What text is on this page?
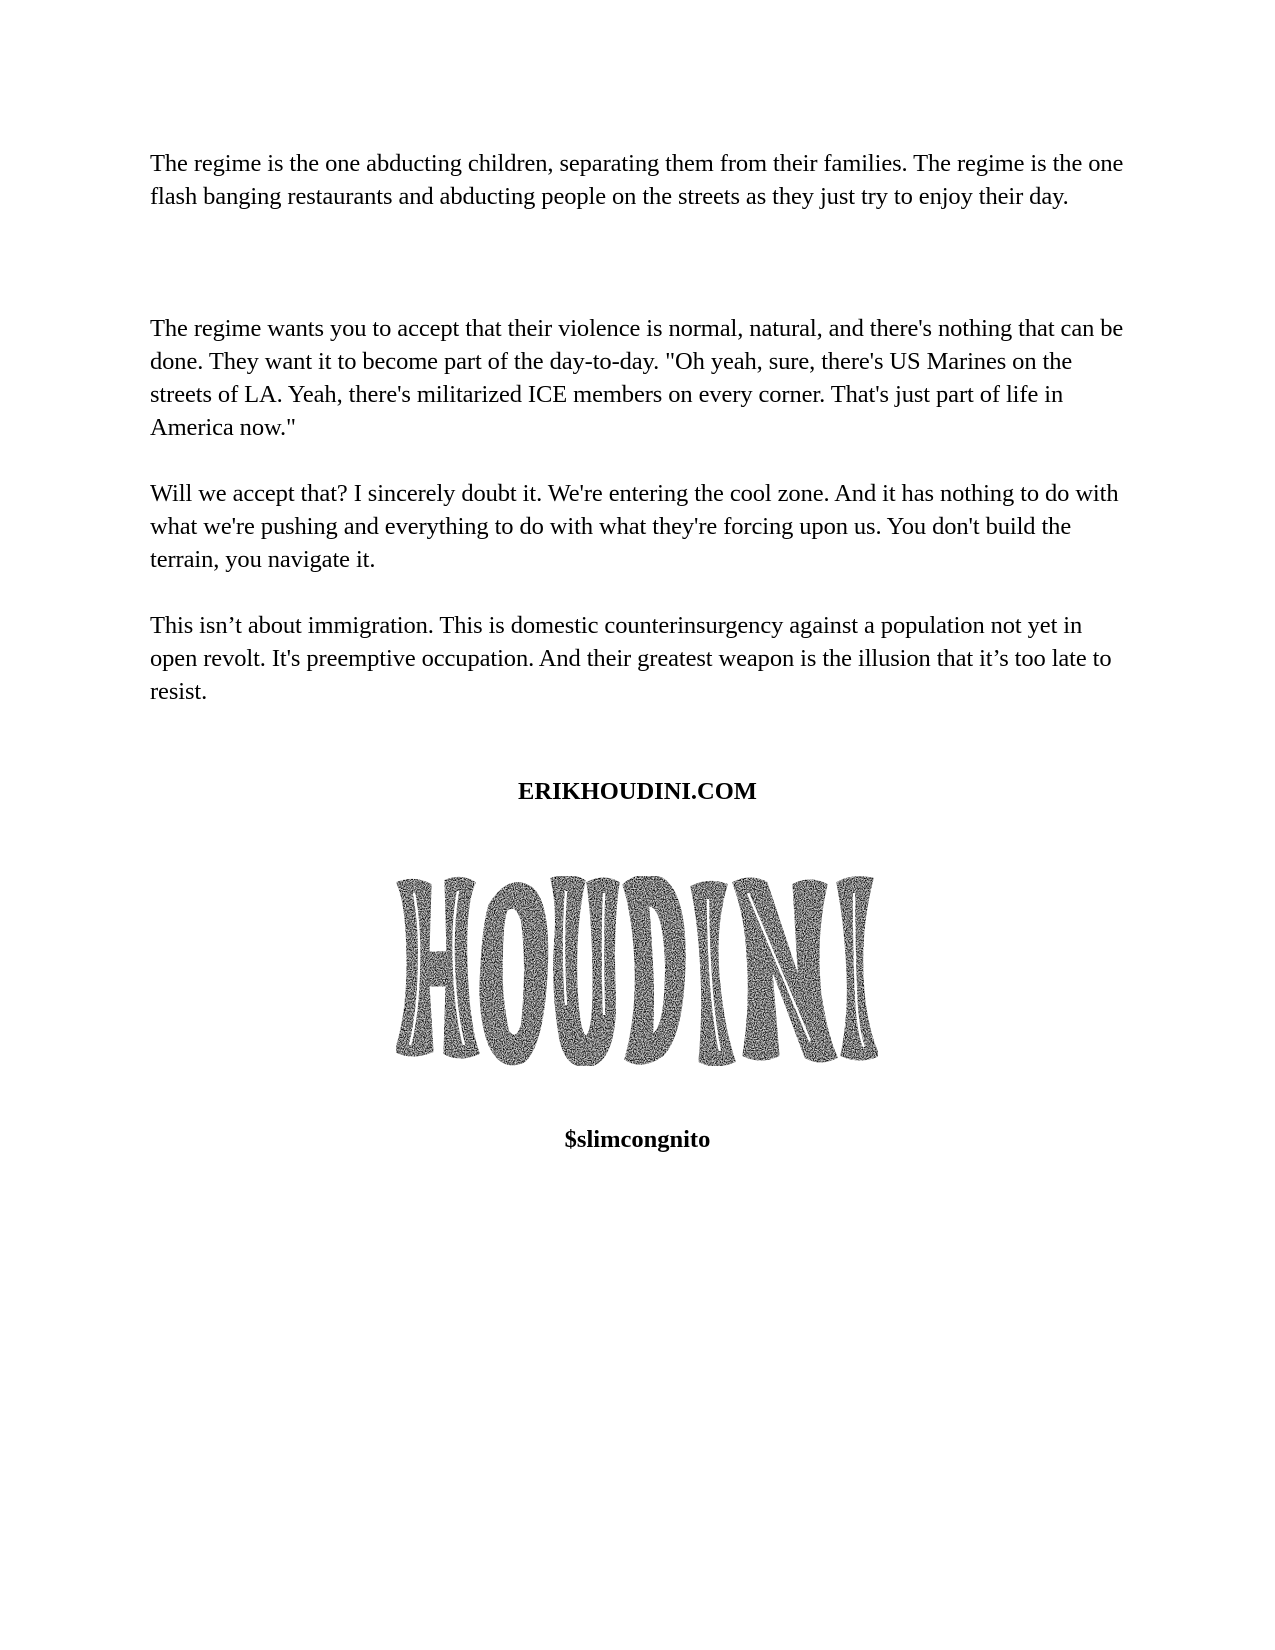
The regime is the one abducting children, separating them from their families. The regime is the one flash banging restaurants and abducting people on the streets as they just try to enjoy their day.

The regime wants you to accept that their violence is normal, natural, and there's nothing that can be done. They want it to become part of the day-to-day. "Oh yeah, sure, there's US Marines on the streets of LA. Yeah, there's militarized ICE members on every corner. That's just part of life in America now."

Will we accept that? I sincerely doubt it. We're entering the cool zone. And it has nothing to do with what we're pushing and everything to do with what they're forcing upon us. You don't build the terrain, you navigate it.

This isn’t about immigration. This is domestic counterinsurgency against a population not yet in open revolt. It's preemptive occupation. And their greatest weapon is the illusion that it’s too late to resist.

ERIKHOUDINI.COM
$slimcongnito
